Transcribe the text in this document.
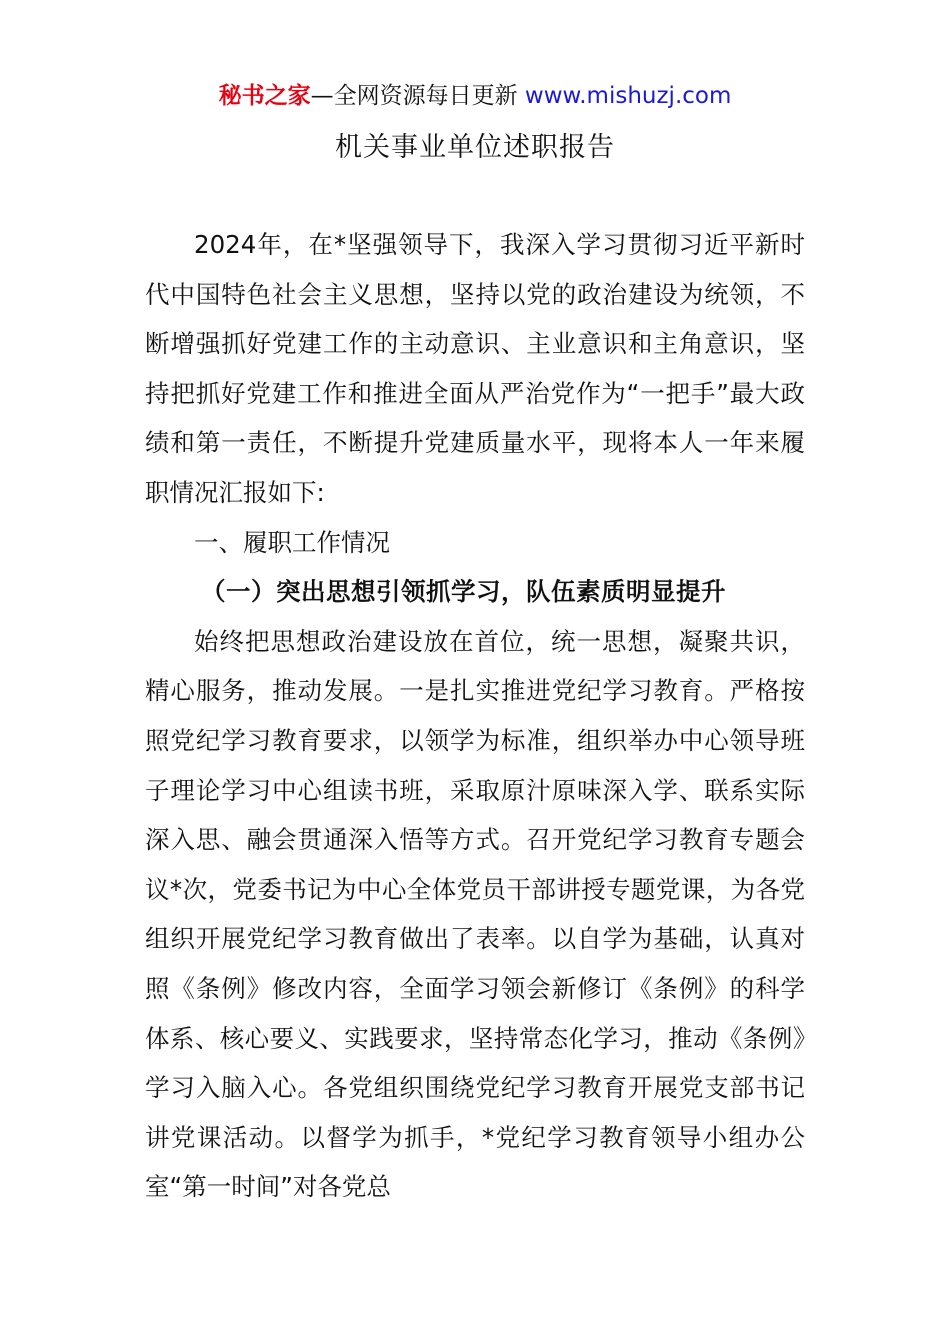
秘书之家—全网资源每日更新 www.mishuzj.com
机关事业单位述职报告

2024年，在*坚强领导下，我深入学习贯彻习近平新时代中国特色社会主义思想，坚持以党的政治建设为统领，不断增强抓好党建工作的主动意识、主业意识和主角意识，坚持把抓好党建工作和推进全面从严治党作为“一把手”最大政绩和第一责任，不断提升党建质量水平，现将本人一年来履职情况汇报如下:

一、履职工作情况

（一）突出思想引领抓学习，队伍素质明显提升

始终把思想政治建设放在首位，统一思想，凝聚共识，精心服务，推动发展。一是扎实推进党纪学习教育。严格按照党纪学习教育要求，以领学为标准，组织举办中心领导班子理论学习中心组读书班，采取原汁原味深入学、联系实际深入思、融会贯通深入悟等方式。召开党纪学习教育专题会议*次，党委书记为中心全体党员干部讲授专题党课，为各党组织开展党纪学习教育做出了表率。以自学为基础，认真对照《条例》修改内容，全面学习领会新修订《条例》的科学体系、核心要义、实践要求，坚持常态化学习，推动《条例》学习入脑入心。各党组织围绕党纪学习教育开展党支部书记讲党课活动。以督学为抓手，*党纪学习教育领导小组办公室“第一时间”对各党总
